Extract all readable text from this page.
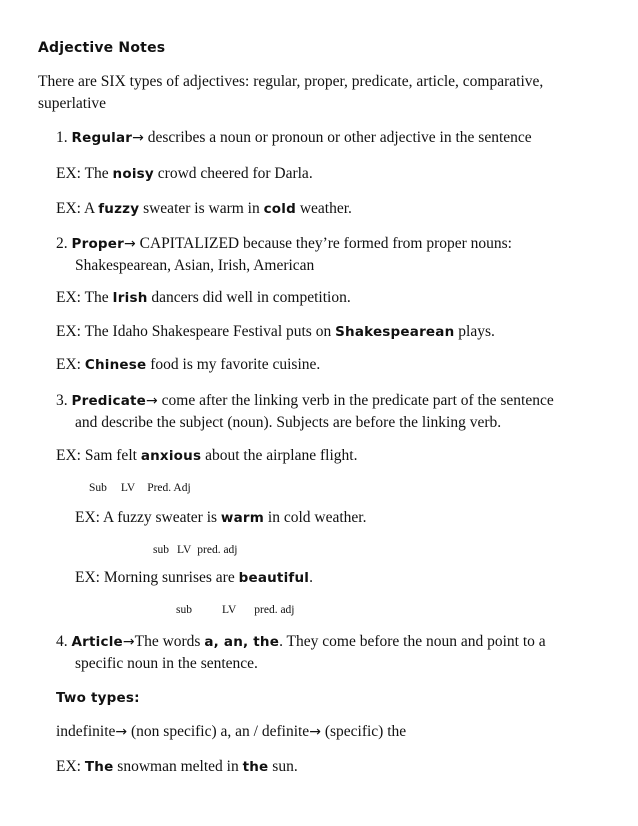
Adjective Notes
There are SIX types of adjectives: regular, proper, predicate, article, comparative,
superlative
1. Regular→ describes a noun or pronoun or other adjective in the sentence
EX: The noisy crowd cheered for Darla.
EX: A fuzzy sweater is warm in cold weather.
2. Proper→ CAPITALIZED because they’re formed from proper nouns:
Shakespearean, Asian, Irish, American
EX: The Irish dancers did well in competition.
EX: The Idaho Shakespeare Festival puts on Shakespearean plays.
EX: Chinese food is my favorite cuisine.
3. Predicate→ come after the linking verb in the predicate part of the sentence
and describe the subject (noun). Subjects are before the linking verb.
EX: Sam felt anxious about the airplane flight.
Sub LV Pred. Adj
EX: A fuzzy sweater is warm in cold weather.
sub LV pred. adj
EX: Morning sunrises are beautiful.
sub	LV pred. adj
4. Article→The words a, an, the. They come before the noun and point to a
specific noun in the sentence.
Two types:
indefinite→ (non specific) a, an / definite→ (specific) the
EX: The snowman melted in the sun.
